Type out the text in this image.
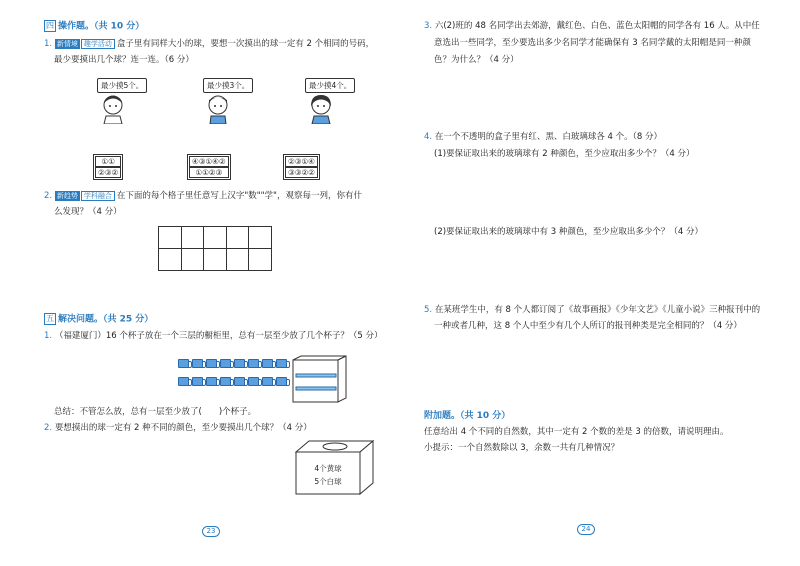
四 操作题。（共 10 分）
1. 新情境 趣学活动 盒子里有同样大小的球，要想一次摸出的球一定有 2 个相同的号码，
最少要摸出几个球？连一连。（6 分）
最少摸5个。	最少摸3个。	最少摸4个。
①①
②③②
④③①④②
①①②③
②③①④
③③②②
2. 新趋势 学科融合 在下面的每个格子里任意写上汉字"数""学"，观察每一列，你有什
么发现？（4 分）
五 解决问题。（共 25 分）
1. （福建厦门）16 个杯子放在一个三层的橱柜里，总有一层至少放了几个杯子？（5 分）
总结：不管怎么放，总有一层至少放了(　　)个杯子。
2. 要想摸出的球一定有 2 种不同的颜色，至少要摸出几个球？（4 分）
4个黄球
5个白球
23
3. 六(2)班的 48 名同学出去郊游，戴红色、白色、蓝色太阳帽的同学各有 16 人。从中任
意选出一些同学，至少要选出多少名同学才能确保有 3 名同学戴的太阳帽是同一种颜
色？为什么？（4 分）
4. 在一个不透明的盒子里有红、黑、白玻璃球各 4 个。（8 分）
(1)要保证取出来的玻璃球有 2 种颜色，至少应取出多少个？（4 分）
(2)要保证取出来的玻璃球中有 3 种颜色，至少应取出多少个？（4 分）
5. 在某班学生中，有 8 个人都订阅了《故事画报》《少年文艺》《儿童小说》三种报刊中的
一种或者几种，这 8 个人中至少有几个人所订的报刊种类是完全相同的？（4 分）
附加题。（共 10 分）
任意给出 4 个不同的自然数，其中一定有 2 个数的差是 3 的倍数，请说明理由。
小提示：一个自然数除以 3，余数一共有几种情况？
24
